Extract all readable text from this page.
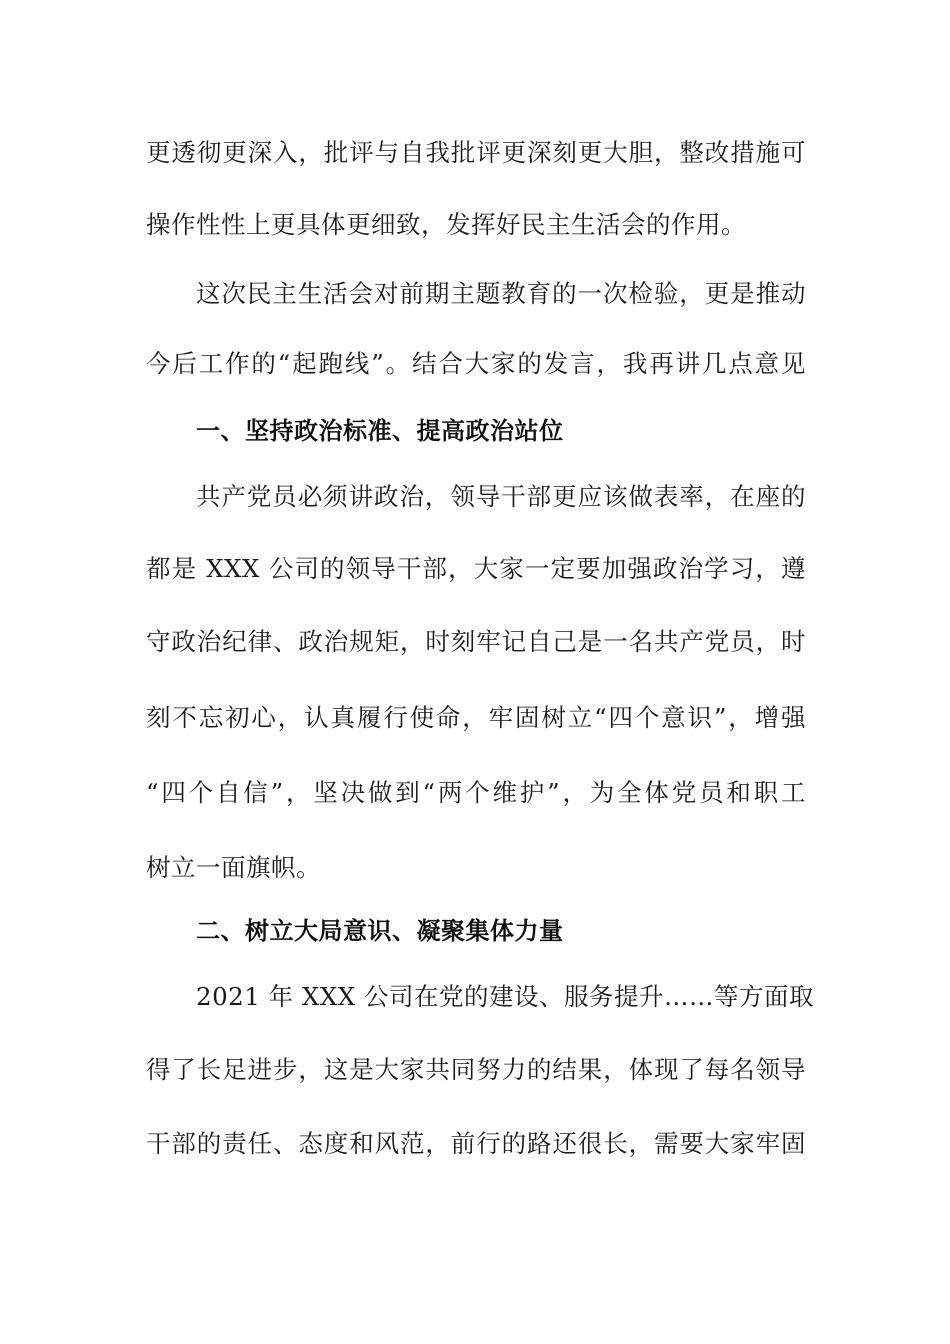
更透彻更深入，批评与自我批评更深刻更大胆，整改措施可
操作性性上更具体更细致，发挥好民主生活会的作用。
这次民主生活会对前期主题教育的一次检验，更是推动
今后工作的“起跑线”。结合大家的发言，我再讲几点意见
一、坚持政治标准、提高政治站位
共产党员必须讲政治，领导干部更应该做表率，在座的
都是 XXX 公司的领导干部，大家一定要加强政治学习，遵
守政治纪律、政治规矩，时刻牢记自己是一名共产党员，时
刻不忘初心，认真履行使命，牢固树立“四个意识”，增强
“四个自信”，坚决做到“两个维护”，为全体党员和职工
树立一面旗帜。
二、树立大局意识、凝聚集体力量
2021 年 XXX 公司在党的建设、服务提升……等方面取
得了长足进步，这是大家共同努力的结果，体现了每名领导
干部的责任、态度和风范，前行的路还很长，需要大家牢固
